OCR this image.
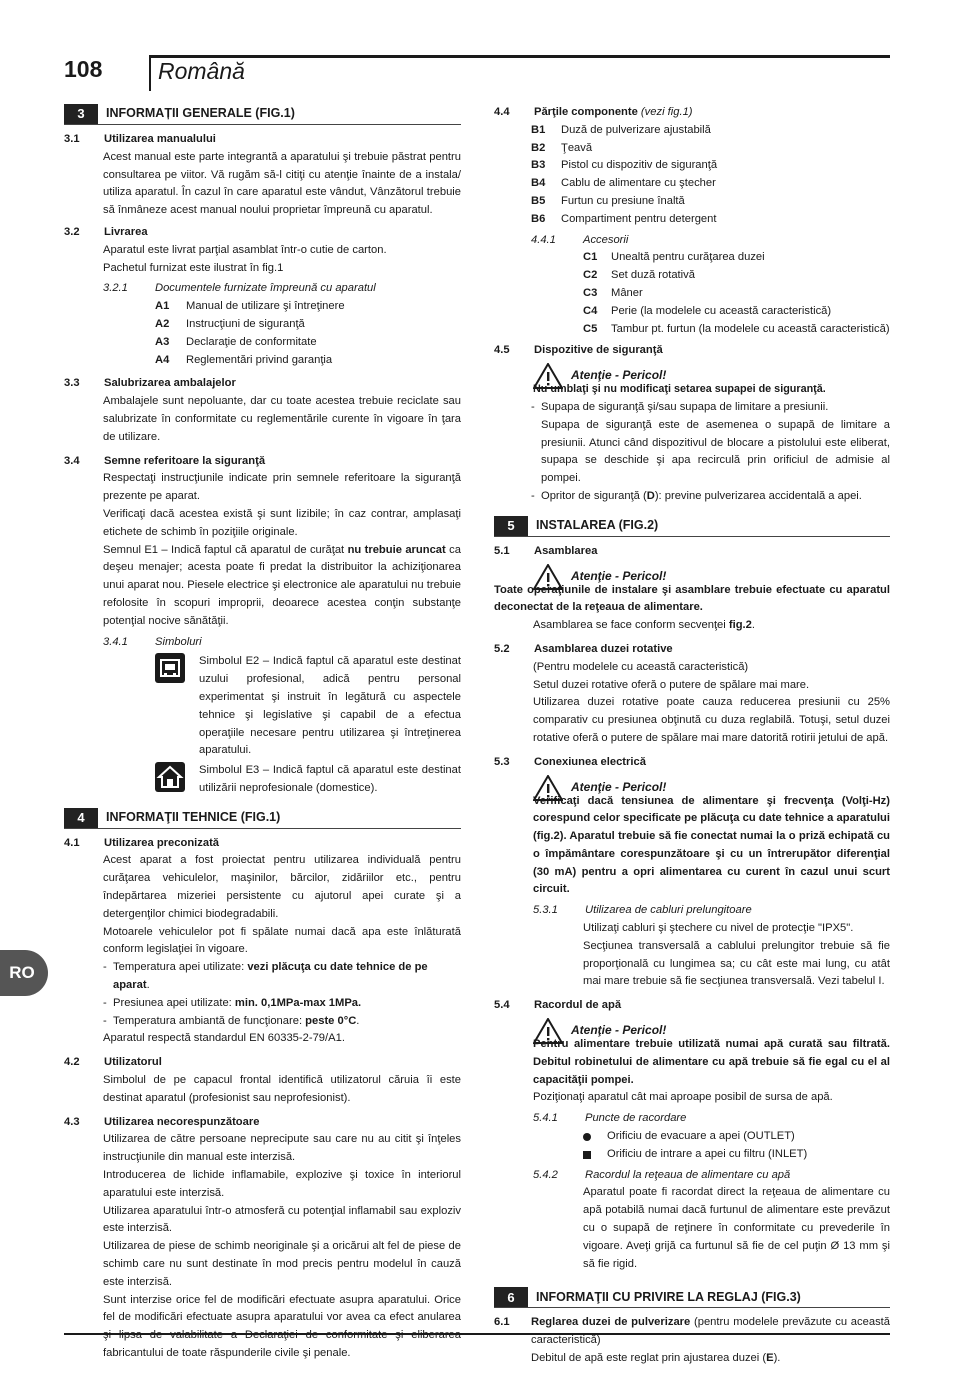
108 Română
RO
3	INFORMAȚII GENERALE (FIG.1)
3.1	Utilizarea manualului

Acest manual este parte integrantă a aparatului şi trebuie păstrat pentru consultarea pe viitor. Vă rugăm să-l citiţi cu atenţie înainte de a instala/ utiliza aparatul. În cazul în care aparatul este vândut, Vânzătorul trebuie să înmâneze acest manual noului proprietar împreună cu aparatul.

3.2	Livrarea

Aparatul este livrat parţial asamblat într-o cutie de carton.

Pachetul furnizat este ilustrat în fig.1

3.2.1	Documentele furnizate împreună cu aparatul
A1	Manual de utilizare şi întreţinere
A2	Instrucţiuni de siguranţă
A3	Declaraţie de conformitate
A4	Reglementări privind garanţia
3.3	Salubrizarea ambalajelor

Ambalajele sunt nepoluante, dar cu toate acestea trebuie reciclate sau salubrizate în conformitate cu reglementările curente în vigoare în ţara de utilizare.

3.4	Semne referitoare la siguranţă

Respectaţi instrucţiunile indicate prin semnele referitoare la siguranţă prezente pe aparat.

Verificaţi dacă acestea există şi sunt lizibile; în caz contrar, amplasaţi etichete de schimb în poziţiile originale.

Semnul E1 – Indică faptul că aparatul de curăţat nu trebuie aruncat ca deşeu menajer; acesta poate fi predat la distribuitor la achiziţionarea unui aparat nou. Piesele electrice şi electronice ale aparatului nu trebuie refolosite în scopuri improprii, deoarece acestea conţin substanţe potenţial nocive sănătăţii.

3.4.1	Simboluri
Simbolul E2 – Indică faptul că aparatul este destinat uzului profesional, adică pentru personal experimentat şi instruit în legătură cu aspectele tehnice şi legislative şi capabil de a efectua operaţiile necesare pentru utilizarea şi întreţinerea aparatului.
Simbolul E3 – Indică faptul că aparatul este destinat utilizării neprofesionale (domestice).
4	INFORMAŢII TEHNICE (FIG.1)
4.1	Utilizarea preconizată

Acest aparat a fost proiectat pentru utilizarea individuală pentru curăţarea vehiculelor, maşinilor, bărcilor, zidăriilor etc., pentru îndepărtarea mizeriei persistente cu ajutorul apei curate şi a detergenţilor chimici biodegradabili.

Motoarele vehiculelor pot fi spălate numai dacă apa este înlăturată conform legislaţiei în vigoare.

- Temperatura apei utilizate: vezi plăcuţa cu date tehnice de pe aparat.
- Presiunea apei utilizate: min. 0,1MPa-max 1MPa.
- Temperatura ambiantă de funcţionare: peste 0°C.

Aparatul respectă standardul EN 60335-2-79/A1.

4.2	Utilizatorul

Simbolul de pe capacul frontal identifică utilizatorul căruia îi este destinat aparatul (profesionist sau neprofesionist).

4.3	Utilizarea necorespunzătoare

Utilizarea de către persoane neprecipute sau care nu au citit şi înţeles instrucţiunile din manual este interzisă.

Introducerea de lichide inflamabile, explozive şi toxice în interiorul aparatului este interzisă.

Utilizarea aparatului într-o atmosferă cu potenţial inflamabil sau exploziv este interzisă.

Utilizarea de piese de schimb neoriginale şi a oricărui alt fel de piese de schimb care nu sunt destinate în mod precis pentru modelul în cauză este interzisă.

Sunt interzise orice fel de modificări efectuate asupra aparatului. Orice fel de modificări efectuate asupra aparatului vor avea ca efect anularea şi lipsa de valabilitate a Declaraţiei de conformitate şi eliberarea fabricantului de toate răspunderile civile şi penale.

4.4	Părţile componente (vezi fig.1)
B1	Duză de pulverizare ajustabilă
B2	Ţeavă
B3	Pistol cu dispozitiv de siguranţă
B4	Cablu de alimentare cu ştecher
B5	Furtun cu presiune înaltă
B6	Compartiment pentru detergent
4.4.1	Accesorii
C1	Unealtă pentru curăţarea duzei
C2	Set duză rotativă
C3	Mâner
C4	Perie (la modelele cu această caracteristică)
C5	Tambur pt. furtun (la modelele cu această caracteristică)
4.5	Dispozitive de siguranţă
Atenţie - Pericol!
Nu umblaţi şi nu modificaţi setarea supapei de siguranţă.
- Supapa de siguranţă şi/sau supapa de limitare a presiunii.

Supapa de siguranţă este de asemenea o supapă de limitare a presiunii. Atunci când dispozitivul de blocare a pistolului este eliberat, supapa se deschide şi apa recirculă prin orificiul de admisie al pompei.

- Opritor de siguranţă (D): previne pulverizarea accidentală a apei.
5	INSTALAREA (FIG.2)
5.1	Asamblarea
Atenţie - Pericol!
Toate operaţiunile de instalare şi asamblare trebuie efectuate cu aparatul deconectat de la reţeaua de alimentare.

Asamblarea se face conform secvenţei fig.2.

5.2	Asamblarea duzei rotative

(Pentru modelele cu această caracteristică)

Setul duzei rotative oferă o putere de spălare mai mare.

Utilizarea duzei rotative poate cauza reducerea presiunii cu 25% comparativ cu presiunea obţinută cu duza reglabilă. Totuşi, setul duzei rotative oferă o putere de spălare mai mare datorită rotirii jetului de apă.

5.3	Conexiunea electrică
Atenţie - Pericol!
Verificaţi dacă tensiunea de alimentare şi frecvenţa (Volţi-Hz) corespund celor specificate pe plăcuţa cu date tehnice a aparatului (fig.2). Aparatul trebuie să fie conectat numai la o priză echipată cu o împământare corespunzătoare şi cu un întrerupător diferenţial (30 mA) pentru a opri alimentarea cu curent în cazul unui scurt circuit.
5.3.1	Utilizarea de cabluri prelungitoare

Utilizaţi cabluri şi ştechere cu nivel de protecţie "IPX5".

Secţiunea transversală a cablului prelungitor trebuie să fie proporţională cu lungimea sa; cu cât este mai lung, cu atât mai mare trebuie să fie secţiunea transversală. Vezi tabelul I.

5.4	Racordul de apă
Atenţie - Pericol!
Pentru alimentare trebuie utilizată numai apă curată sau filtrată. Debitul robinetului de alimentare cu apă trebuie să fie egal cu el al capacităţii pompei.

Poziţionaţi aparatul cât mai aproape posibil de sursa de apă.

5.4.1	Puncte de racordare
Orificiu de evacuare a apei (OUTLET)
Orificiu de intrare a apei cu filtru (INLET)
5.4.2	Racordul la reţeaua de alimentare cu apă

Aparatul poate fi racordat direct la reţeaua de alimentare cu apă potabilă numai dacă furtunul de alimentare este prevăzut cu o supapă de reţinere în conformitate cu prevederile în vigoare. Aveţi grijă ca furtunul să fie de cel puţin Ø 13 mm şi să fie rigid.

6	INFORMAŢII CU PRIVIRE LA REGLAJ (FIG.3)
6.1	Reglarea duzei de pulverizare (pentru modelele prevăzute cu această caracteristică)

Debitul de apă este reglat prin ajustarea duzei (E).
